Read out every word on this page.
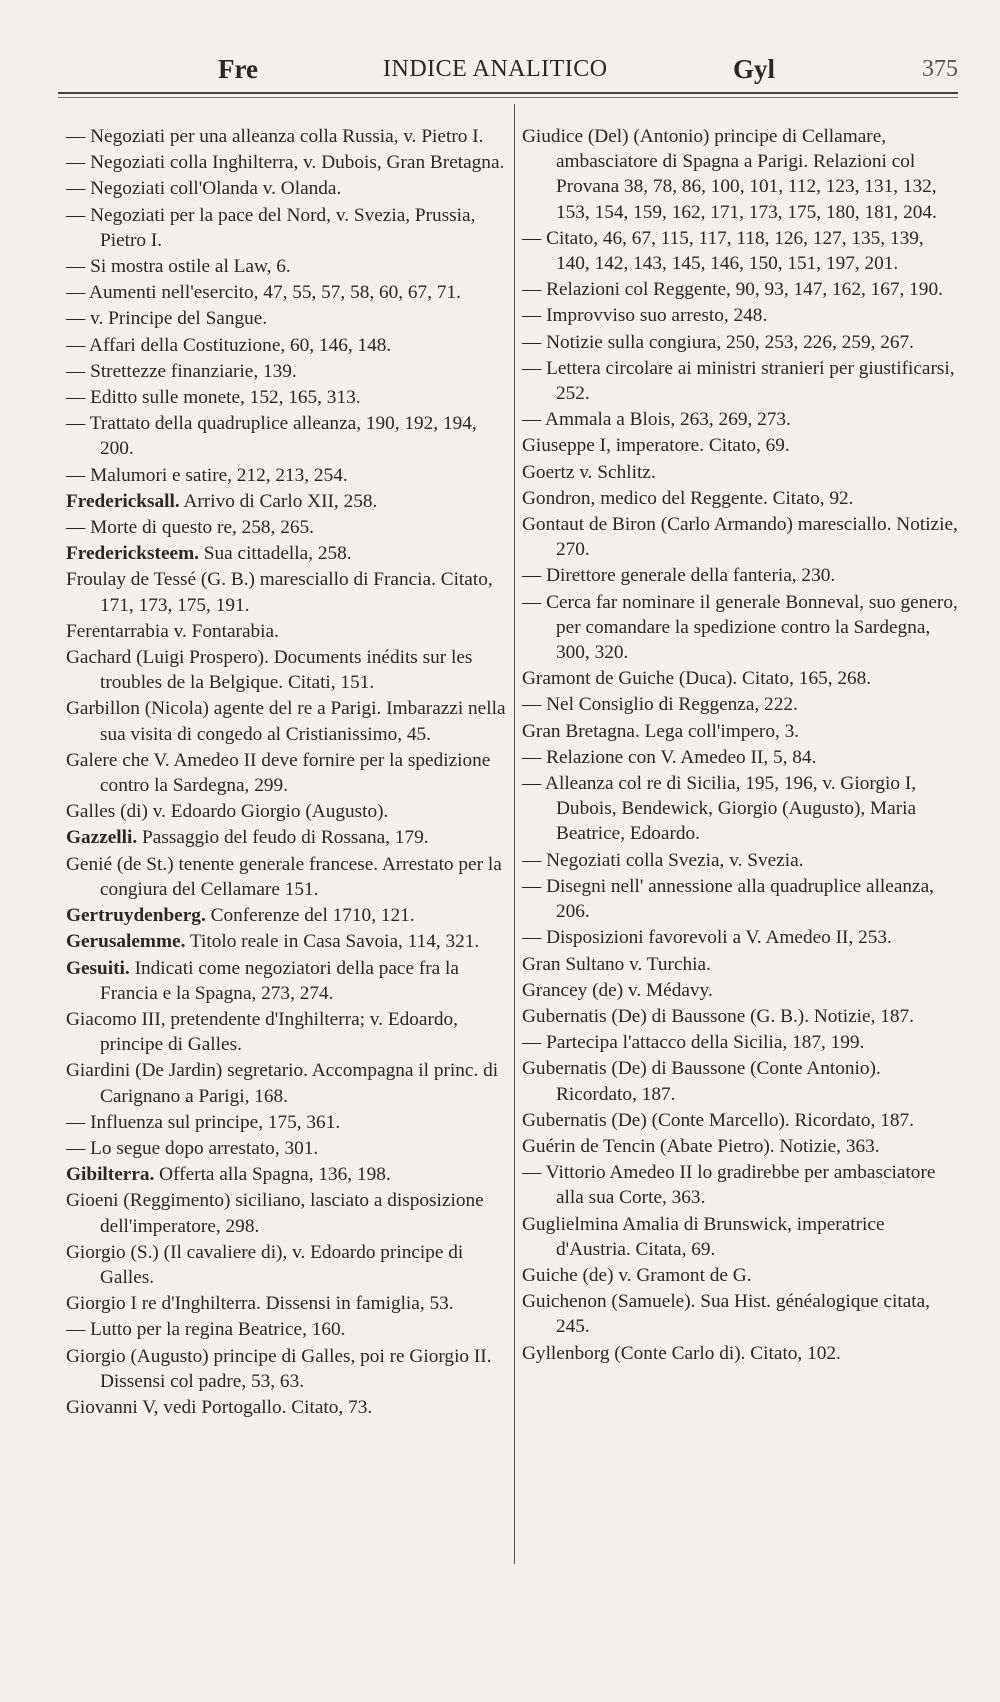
Fre	INDICE ANALITICO	Gyl	375
— Negoziati per una alleanza colla Russia, v. Pietro I.
— Negoziati colla Inghilterra, v. Dubois, Gran Bretagna.
— Negoziati coll'Olanda v. Olanda.
— Negoziati per la pace del Nord, v. Svezia, Prussia, Pietro I.
— Si mostra ostile al Law, 6.
— Aumenti nell'esercito, 47, 55, 57, 58, 60, 67, 71.
— v. Principe del Sangue.
— Affari della Costituzione, 60, 146, 148.
— Strettezze finanziarie, 139.
— Editto sulle monete, 152, 165, 313.
— Trattato della quadruplice alleanza, 190, 192, 194, 200.
— Malumori e satire, 212, 213, 254.
Fredericksall. Arrivo di Carlo XII, 258.
— Morte di questo re, 258, 265.
Fredericksteem. Sua cittadella, 258.
Froulay de Tessé (G. B.) maresciallo di Francia. Citato, 171, 173, 175, 191.
Ferentarrabia v. Fontarabia.
Gachard (Luigi Prospero). Documents inédits sur les troubles de la Belgique. Citati, 151.
Garbillon (Nicola) agente del re a Parigi. Imbarazzi nella sua visita di congedo al Cristianissimo, 45.
Galere che V. Amedeo II deve fornire per la spedizione contro la Sardegna, 299.
Galles (di) v. Edoardo Giorgio (Augusto).
Gazzelli. Passaggio del feudo di Rossana, 179.
Genié (de St.) tenente generale francese. Arrestato per la congiura del Cellamare 151.
Gertruydenberg. Conferenze del 1710, 121.
Gerusalemme. Titolo reale in Casa Savoia, 114, 321.
Gesuiti. Indicati come negoziatori della pace fra la Francia e la Spagna, 273, 274.
Giacomo III, pretendente d'Inghilterra; v. Edoardo, principe di Galles.
Giardini (De Jardin) segretario. Accompagna il princ. di Carignano a Parigi, 168.
— Influenza sul principe, 175, 361.
— Lo segue dopo arrestato, 301.
Gibilterra. Offerta alla Spagna, 136, 198.
Gioeni (Reggimento) siciliano, lasciato a disposizione dell'imperatore, 298.
Giorgio (S.) (Il cavaliere di), v. Edoardo principe di Galles.
Giorgio I re d'Inghilterra. Dissensi in famiglia, 53.
— Lutto per la regina Beatrice, 160.
Giorgio (Augusto) principe di Galles, poi re Giorgio II. Dissensi col padre, 53, 63.
Giovanni V, vedi Portogallo. Citato, 73.
Giudice (Del) (Antonio) principe di Cellamare, ambasciatore di Spagna a Parigi. Relazioni col Provana 38, 78, 86, 100, 101, 112, 123, 131, 132, 153, 154, 159, 162, 171, 173, 175, 180, 181, 204.
— Citato, 46, 67, 115, 117, 118, 126, 127, 135, 139, 140, 142, 143, 145, 146, 150, 151, 197, 201.
— Relazioni col Reggente, 90, 93, 147, 162, 167, 190.
— Improvviso suo arresto, 248.
— Notizie sulla congiura, 250, 253, 226, 259, 267.
— Lettera circolare ai ministri stranieri per giustificarsi, 252.
— Ammala a Blois, 263, 269, 273.
Giuseppe I, imperatore. Citato, 69.
Goertz v. Schlitz.
Gondron, medico del Reggente. Citato, 92.
Gontaut de Biron (Carlo Armando) maresciallo. Notizie, 270.
— Direttore generale della fanteria, 230.
— Cerca far nominare il generale Bonneval, suo genero, per comandare la spedizione contro la Sardegna, 300, 320.
Gramont de Guiche (Duca). Citato, 165, 268.
— Nel Consiglio di Reggenza, 222.
Gran Bretagna. Lega coll'impero, 3.
— Relazione con V. Amedeo II, 5, 84.
— Alleanza col re di Sicilia, 195, 196, v. Giorgio I, Dubois, Bendewick, Giorgio (Augusto), Maria Beatrice, Edoardo.
— Negoziati colla Svezia, v. Svezia.
— Disegni nell' annessione alla quadruplice alleanza, 206.
— Disposizioni favorevoli a V. Amedeo II, 253.
Gran Sultano v. Turchia.
Grancey (de) v. Médavy.
Gubernatis (De) di Baussone (G. B.). Notizie, 187.
— Partecipa l'attacco della Sicilia, 187, 199.
Gubernatis (De) di Baussone (Conte Antonio). Ricordato, 187.
Gubernatis (De) (Conte Marcello). Ricordato, 187.
Guérin de Tencin (Abate Pietro). Notizie, 363.
— Vittorio Amedeo II lo gradirebbe per ambasciatore alla sua Corte, 363.
Guglielmina Amalia di Brunswick, imperatrice d'Austria. Citata, 69.
Guiche (de) v. Gramont de G.
Guichenon (Samuele). Sua Hist. généalogique citata, 245.
Gyllenborg (Conte Carlo di). Citato, 102.
